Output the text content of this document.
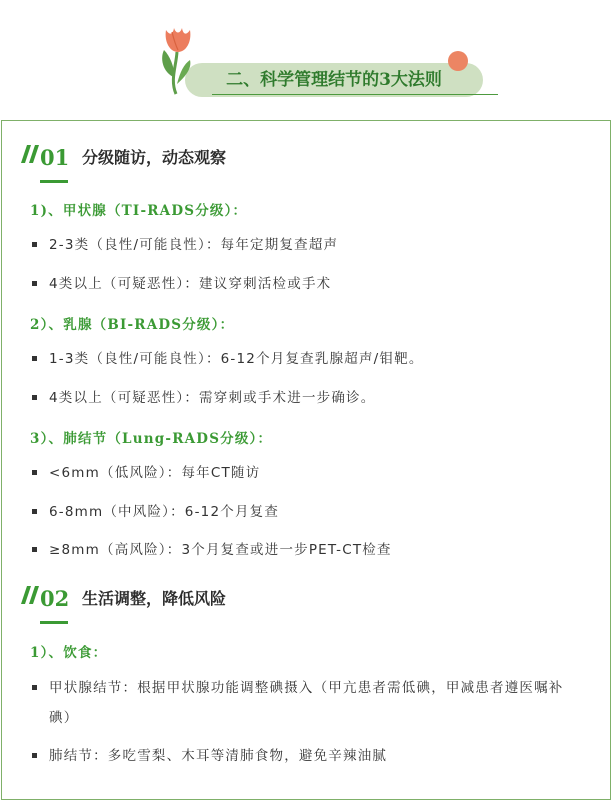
二、科学管理结节的3大法则
01 分级随访，动态观察
1)、甲状腺（TI-RADS分级）：
2-3类（良性/可能良性）：每年定期复查超声
4类以上（可疑恶性）：建议穿刺活检或手术
2）、乳腺（BI-RADS分级）：
1-3类（良性/可能良性）：6-12个月复查乳腺超声/钼靶。
4类以上（可疑恶性）：需穿刺或手术进一步确诊。
3）、肺结节（Lung-RADS分级）：
<6mm（低风险）：每年CT随访
6-8mm（中风险）：6-12个月复查
≥8mm（高风险）：3个月复查或进一步PET-CT检查
02 生活调整，降低风险
1）、饮食：
甲状腺结节：根据甲状腺功能调整碘摄入（甲亢患者需低碘，甲减患者遵医嘱补碘）
肺结节：多吃雪梨、木耳等清肺食物，避免辛辣油腻
